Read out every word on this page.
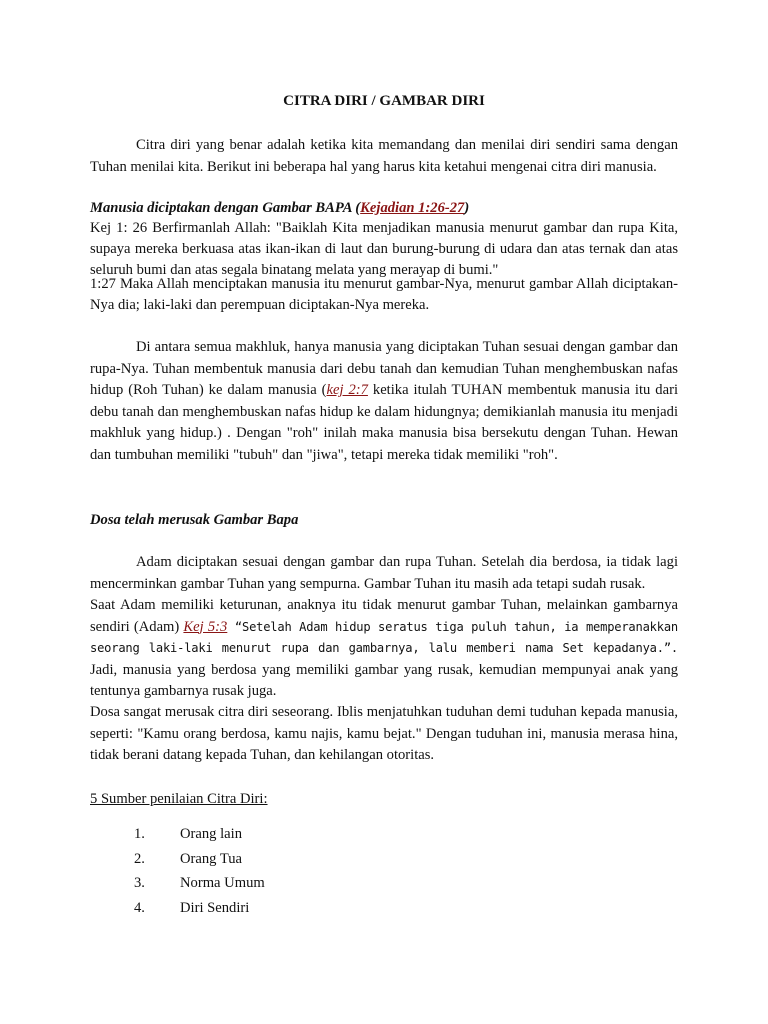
CITRA DIRI / GAMBAR DIRI
Citra diri yang benar adalah ketika kita memandang dan menilai diri sendiri sama dengan Tuhan menilai kita. Berikut ini beberapa hal yang harus kita ketahui mengenai citra diri manusia.
Manusia diciptakan dengan Gambar BAPA (Kejadian 1:26-27)
Kej 1: 26 Berfirmanlah Allah: "Baiklah Kita menjadikan manusia menurut gambar dan rupa Kita, supaya mereka berkuasa atas ikan-ikan di laut dan burung-burung di udara dan atas ternak dan atas seluruh bumi dan atas segala binatang melata yang merayap di bumi."
1:27 Maka Allah menciptakan manusia itu menurut gambar-Nya, menurut gambar Allah diciptakan-Nya dia; laki-laki dan perempuan diciptakan-Nya mereka.
Di antara semua makhluk, hanya manusia yang diciptakan Tuhan sesuai dengan gambar dan rupa-Nya. Tuhan membentuk manusia dari debu tanah dan kemudian Tuhan menghembuskan nafas hidup (Roh Tuhan) ke dalam manusia (kej 2:7 ketika itulah TUHAN membentuk manusia itu dari debu tanah dan menghembuskan nafas hidup ke dalam hidungnya; demikianlah manusia itu menjadi makhluk yang hidup.) . Dengan "roh" inilah maka manusia bisa bersekutu dengan Tuhan. Hewan dan tumbuhan memiliki "tubuh" dan "jiwa", tetapi mereka tidak memiliki "roh".
Dosa telah merusak Gambar Bapa
Adam diciptakan sesuai dengan gambar dan rupa Tuhan. Setelah dia berdosa, ia tidak lagi mencerminkan gambar Tuhan yang sempurna. Gambar Tuhan itu masih ada tetapi sudah rusak.
Saat Adam memiliki keturunan, anaknya itu tidak menurut gambar Tuhan, melainkan gambarnya sendiri (Adam) Kej 5:3 “Setelah Adam hidup seratus tiga puluh tahun, ia memperanakkan seorang laki-laki menurut rupa dan gambarnya, lalu memberi nama Set kepadanya.”. Jadi, manusia yang berdosa yang memiliki gambar yang rusak, kemudian mempunyai anak yang tentunya gambarnya rusak juga.
Dosa sangat merusak citra diri seseorang. Iblis menjatuhkan tuduhan demi tuduhan kepada manusia, seperti: "Kamu orang berdosa, kamu najis, kamu bejat." Dengan tuduhan ini, manusia merasa hina, tidak berani datang kepada Tuhan, dan kehilangan otoritas.
5 Sumber penilaian Citra Diri:
1.	Orang lain
2.	Orang Tua
3.	Norma Umum
4.	Diri Sendiri
